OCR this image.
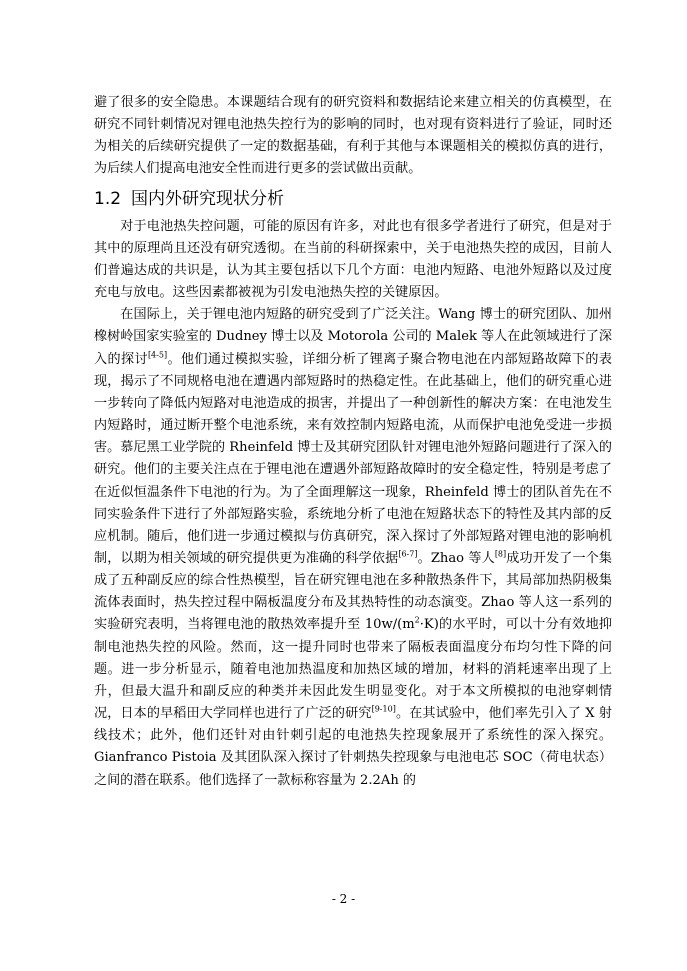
避了很多的安全隐患。本课题结合现有的研究资料和数据结论来建立相关的仿真模型，在研究不同针刺情况对锂电池热失控行为的影响的同时，也对现有资料进行了验证，同时还为相关的后续研究提供了一定的数据基础，有利于其他与本课题相关的模拟仿真的进行，为后续人们提高电池安全性而进行更多的尝试做出贡献。

1.2 国内外研究现状分析

对于电池热失控问题，可能的原因有许多，对此也有很多学者进行了研究，但是对于其中的原理尚且还没有研究透彻。在当前的科研探索中，关于电池热失控的成因，目前人们普遍达成的共识是，认为其主要包括以下几个方面：电池内短路、电池外短路以及过度充电与放电。这些因素都被视为引发电池热失控的关键原因。

在国际上，关于锂电池内短路的研究受到了广泛关注。Wang 博士的研究团队、加州橡树岭国家实验室的 Dudney 博士以及 Motorola 公司的 Malek 等人在此领域进行了深入的探讨[4-5]。他们通过模拟实验，详细分析了锂离子聚合物电池在内部短路故障下的表现，揭示了不同规格电池在遭遇内部短路时的热稳定性。在此基础上，他们的研究重心进一步转向了降低内短路对电池造成的损害，并提出了一种创新性的解决方案：在电池发生内短路时，通过断开整个电池系统，来有效控制内短路电流，从而保护电池免受进一步损害。慕尼黑工业学院的 Rheinfeld 博士及其研究团队针对锂电池外短路问题进行了深入的研究。他们的主要关注点在于锂电池在遭遇外部短路故障时的安全稳定性，特别是考虑了在近似恒温条件下电池的行为。为了全面理解这一现象，Rheinfeld 博士的团队首先在不同实验条件下进行了外部短路实验，系统地分析了电池在短路状态下的特性及其内部的反应机制。随后，他们进一步通过模拟与仿真研究，深入探讨了外部短路对锂电池的影响机制，以期为相关领域的研究提供更为准确的科学依据[6-7]。Zhao 等人[8]成功开发了一个集成了五种副反应的综合性热模型，旨在研究锂电池在多种散热条件下，其局部加热阴极集流体表面时，热失控过程中隔板温度分布及其热特性的动态演变。Zhao 等人这一系列的实验研究表明，当将锂电池的散热效率提升至 $10w/(m^2\cdot K)$的水平时，可以十分有效地抑制电池热失控的风险。然而，这一提升同时也带来了隔板表面温度分布均匀性下降的问题。进一步分析显示，随着电池加热温度和加热区域的增加，材料的消耗速率出现了上升，但最大温升和副反应的种类并未因此发生明显变化。对于本文所模拟的电池穿刺情况，日本的早稻田大学同样也进行了广泛的研究[9-10]。在其试验中，他们率先引入了 X 射线技术；此外，他们还针对由针刺引起的电池热失控现象展开了系统性的深入探究。Gianfranco Pistoia 及其团队深入探讨了针刺热失控现象与电池电芯 SOC（荷电状态）之间的潜在联系。他们选择了一款标称容量为 2.2Ah 的

- 2 -
